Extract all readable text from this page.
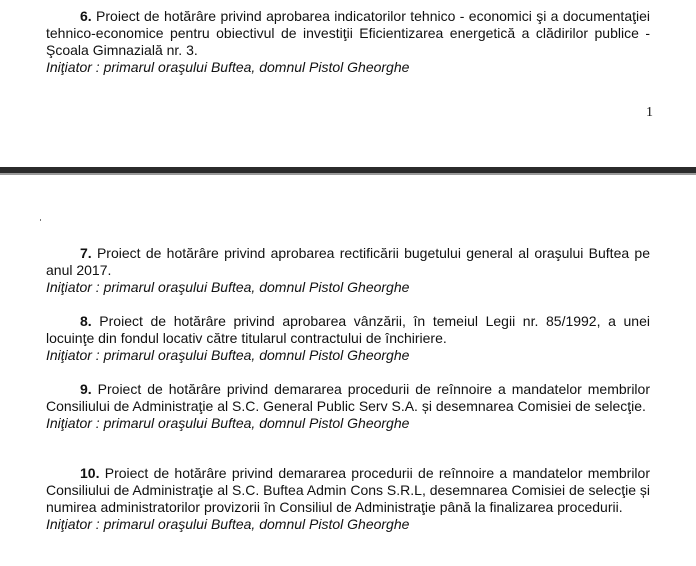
6. Proiect de hotărâre privind aprobarea indicatorilor tehnico - economici şi a documentaţiei tehnico-economice pentru obiectivul de investiţii Eficientizarea energetică a clădirilor publice - Şcoala Gimnazială nr. 3.

Iniţiator : primarul oraşului Buftea, domnul Pistol Gheorghe

1

7. Proiect de hotărâre privind aprobarea rectificării bugetului general al oraşului Buftea pe anul 2017.

Iniţiator : primarul oraşului Buftea, domnul Pistol Gheorghe

8. Proiect de hotărâre privind aprobarea vânzării, în temeiul Legii nr. 85/1992, a unei locuinţe din fondul locativ către titularul contractului de închiriere.

Iniţiator : primarul oraşului Buftea, domnul Pistol Gheorghe

9. Proiect de hotărâre privind demararea procedurii de reînnoire a mandatelor membrilor Consiliului de Administraţie al S.C. General Public Serv S.A. și desemnarea Comisiei de selecţie.

Iniţiator : primarul oraşului Buftea, domnul Pistol Gheorghe

10. Proiect de hotărâre privind demararea procedurii de reînnoire a mandatelor membrilor Consiliului de Administraţie al S.C. Buftea Admin Cons S.R.L, desemnarea Comisiei de selecţie și numirea administratorilor provizorii în Consiliul de Administraţie până la finalizarea procedurii.

Iniţiator : primarul oraşului Buftea, domnul Pistol Gheorghe
